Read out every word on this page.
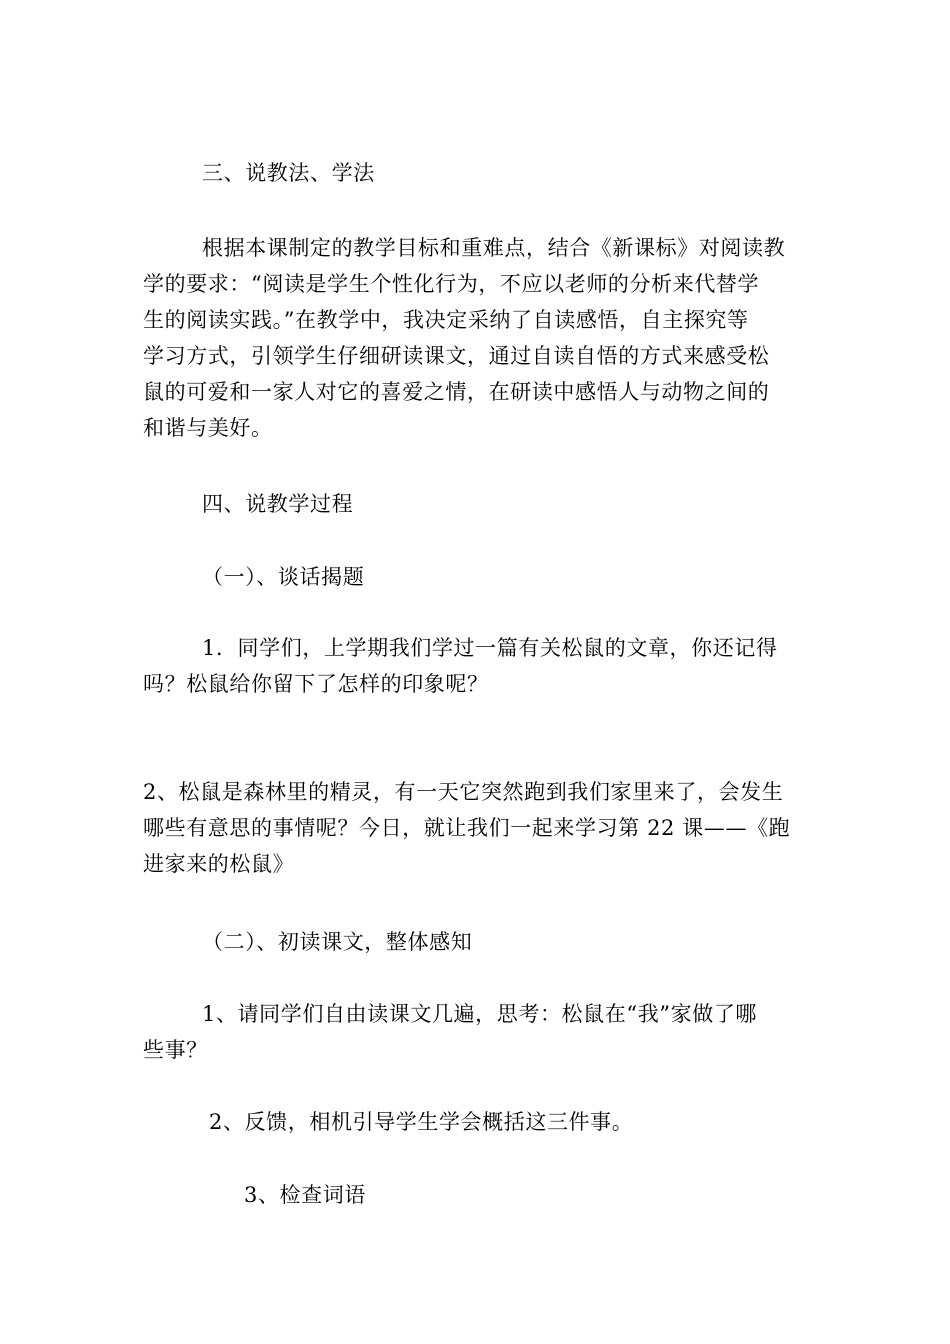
三、说教法、学法
根据本课制定的教学目标和重难点，结合《新课标》对阅读教
学的要求：“阅读是学生个性化行为，不应以老师的分析来代替学
生的阅读实践。”在教学中，我决定采纳了自读感悟，自主探究等
学习方式，引领学生仔细研读课文，通过自读自悟的方式来感受松
鼠的可爱和一家人对它的喜爱之情，在研读中感悟人与动物之间的
和谐与美好。
四、说教学过程
（一）、谈话揭题
1．同学们，上学期我们学过一篇有关松鼠的文章，你还记得
吗？松鼠给你留下了怎样的印象呢？
2、松鼠是森林里的精灵，有一天它突然跑到我们家里来了，会发生
哪些有意思的事情呢？今日，就让我们一起来学习第 22 课——《跑
进家来的松鼠》
（二）、初读课文，整体感知
1、请同学们自由读课文几遍，思考：松鼠在“我”家做了哪
些事？
2、反馈，相机引导学生学会概括这三件事。
3、检查词语
